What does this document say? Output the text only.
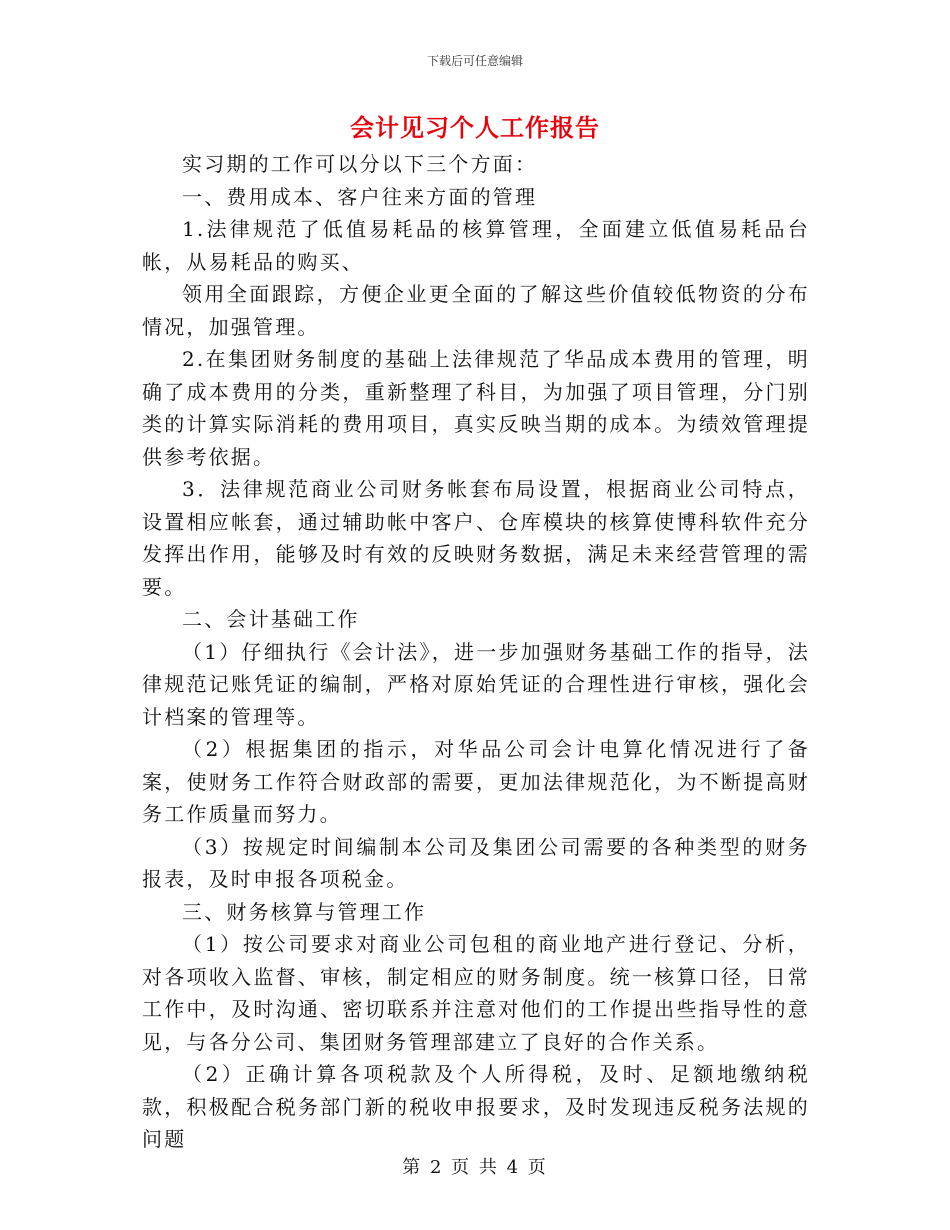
下载后可任意编辑
会计见习个人工作报告

实习期的工作可以分以下三个方面：

一、费用成本、客户往来方面的管理

1.法律规范了低值易耗品的核算管理，全面建立低值易耗品台帐，从易耗品的购买、

领用全面跟踪，方便企业更全面的了解这些价值较低物资的分布情况，加强管理。

2.在集团财务制度的基础上法律规范了华品成本费用的管理，明确了成本费用的分类，重新整理了科目，为加强了项目管理，分门别类的计算实际消耗的费用项目，真实反映当期的成本。为绩效管理提供参考依据。

3．法律规范商业公司财务帐套布局设置，根据商业公司特点，设置相应帐套，通过辅助帐中客户、仓库模块的核算使博科软件充分发挥出作用，能够及时有效的反映财务数据，满足未来经营管理的需要。

二、会计基础工作

（1）仔细执行《会计法》，进一步加强财务基础工作的指导，法律规范记账凭证的编制，严格对原始凭证的合理性进行审核，强化会计档案的管理等。

（2）根据集团的指示，对华品公司会计电算化情况进行了备案，使财务工作符合财政部的需要，更加法律规范化，为不断提高财务工作质量而努力。

（3）按规定时间编制本公司及集团公司需要的各种类型的财务报表，及时申报各项税金。

三、财务核算与管理工作

（1）按公司要求对商业公司包租的商业地产进行登记、分析，对各项收入监督、审核，制定相应的财务制度。统一核算口径，日常工作中，及时沟通、密切联系并注意对他们的工作提出些指导性的意见，与各分公司、集团财务管理部建立了良好的合作关系。

（2）正确计算各项税款及个人所得税，及时、足额地缴纳税款，积极配合税务部门新的税收申报要求，及时发现违反税务法规的问题

第 2 页 共 4 页
